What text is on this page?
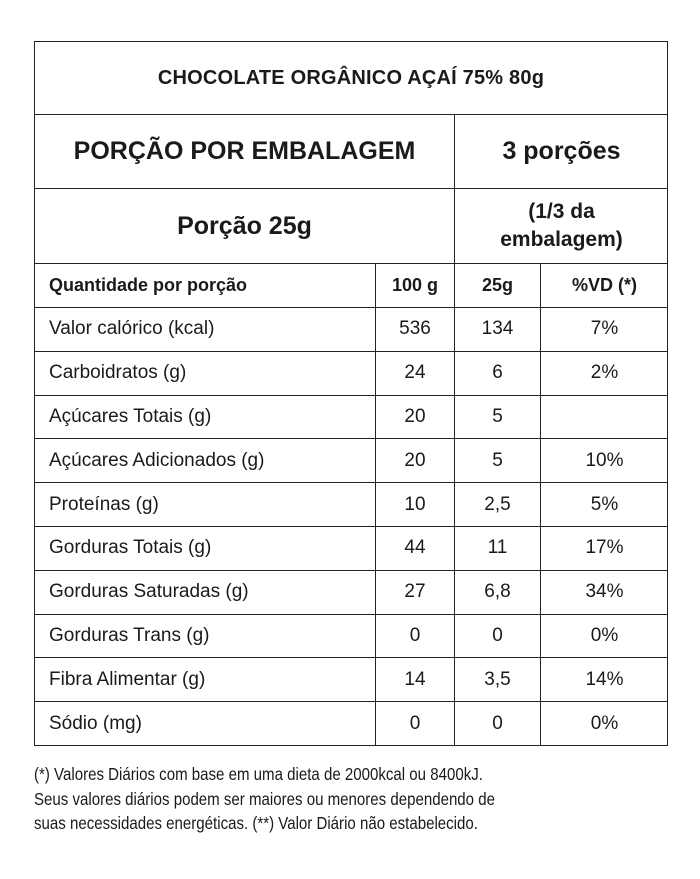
CHOCOLATE ORGÂNICO AÇAÍ 75% 80g
PORÇÃO POR EMBALAGEM	3 porções
Porção 25g	(1/3 da
embalagem)
Quantidade por porção	100 g	25g	%VD (*)
Valor calórico (kcal)	536	134	7%
Carboidratos (g)	24	6	2%
Açúcares Totais (g)	20	5
Açúcares Adicionados (g)	20	5	10%
Proteínas (g)	10	2,5	5%
Gorduras Totais (g)	44	11	17%
Gorduras Saturadas (g)	27	6,8	34%
Gorduras Trans (g)	0	0	0%
Fibra Alimentar (g)	14	3,5	14%
Sódio (mg)	0	0	0%
(*) Valores Diários com base em uma dieta de 2000kcal ou 8400kJ.
Seus valores diários podem ser maiores ou menores dependendo de
suas necessidades energéticas. (**) Valor Diário não estabelecido.
